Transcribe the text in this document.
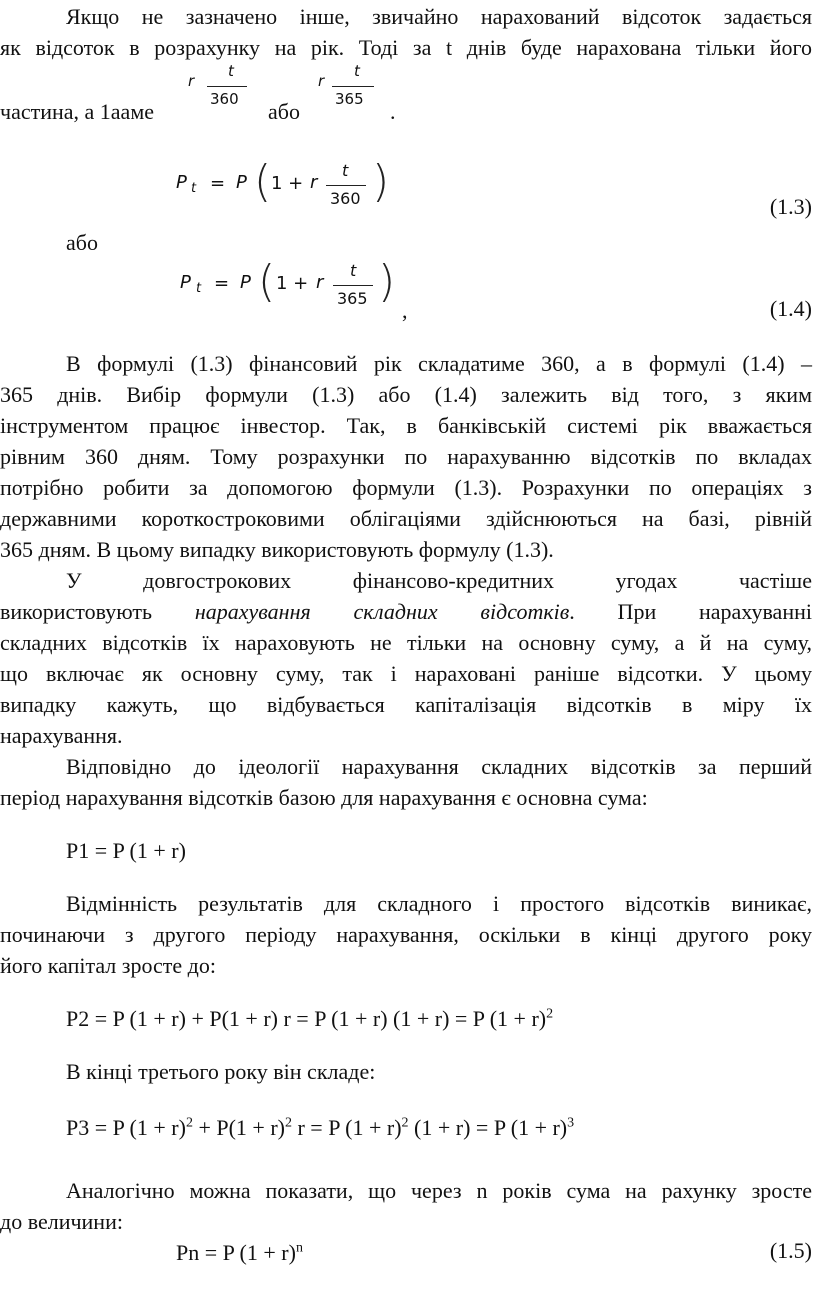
Якщо не зазначено інше, звичайно нарахований відсоток задається
як відсоток в розрахунку на рік. Тоді за t днів буде нарахована тільки його
частина, а 1ааме
r
t
360 або
r
t
365 .
P t = P ( 1 + r
t
360 )	(1.3)
або
P t = P ( 1 + r
t
365 )
,	(1.4)
В формулі (1.3) фінансовий рік складатиме 360, а в формулі (1.4) –
365 днів. Вибір формули (1.3) або (1.4) залежить від того, з яким
інструментом працює інвестор. Так, в банківській системі рік вважається
рівним 360 дням. Тому розрахунки по нарахуванню відсотків по вкладах
потрібно робити за допомогою формули (1.3). Розрахунки по операціях з
державними короткостроковими облігаціями здійснюються на базі, рівній
365 дням. В цьому випадку використовують формулу (1.3).
У довгострокових фінансово-кредитних угодах частіше
використовують нарахування складних відсотків. При нарахуванні
складних відсотків їх нараховують не тільки на основну суму, а й на суму,
що включає як основну суму, так і нараховані раніше відсотки. У цьому
випадку кажуть, що відбувається капіталізація відсотків в міру їх
нарахування.
Відповідно до ідеології нарахування складних відсотків за перший
період нарахування відсотків базою для нарахування є основна сума:
P1 = P (1 + r)
Відмінність результатів для складного і простого відсотків виникає,
починаючи з другого періоду нарахування, оскільки в кінці другого року
його капітал зросте до:
P2 = P (1 + r) + P(1 + r) r = P (1 + r) (1 + r) = P $(1 + r)^2$
В кінці третього року він складе:
P3 = P $(1 + r)^2 + P(1 + r)^2$ r = P $(1 + r)^2$ (1 + r) = P $(1 + r)^3$
Аналогічно можна показати, що через n років сума на рахунку зросте
до величини:
Pn = P $(1 + r)^n$	(1.5)
